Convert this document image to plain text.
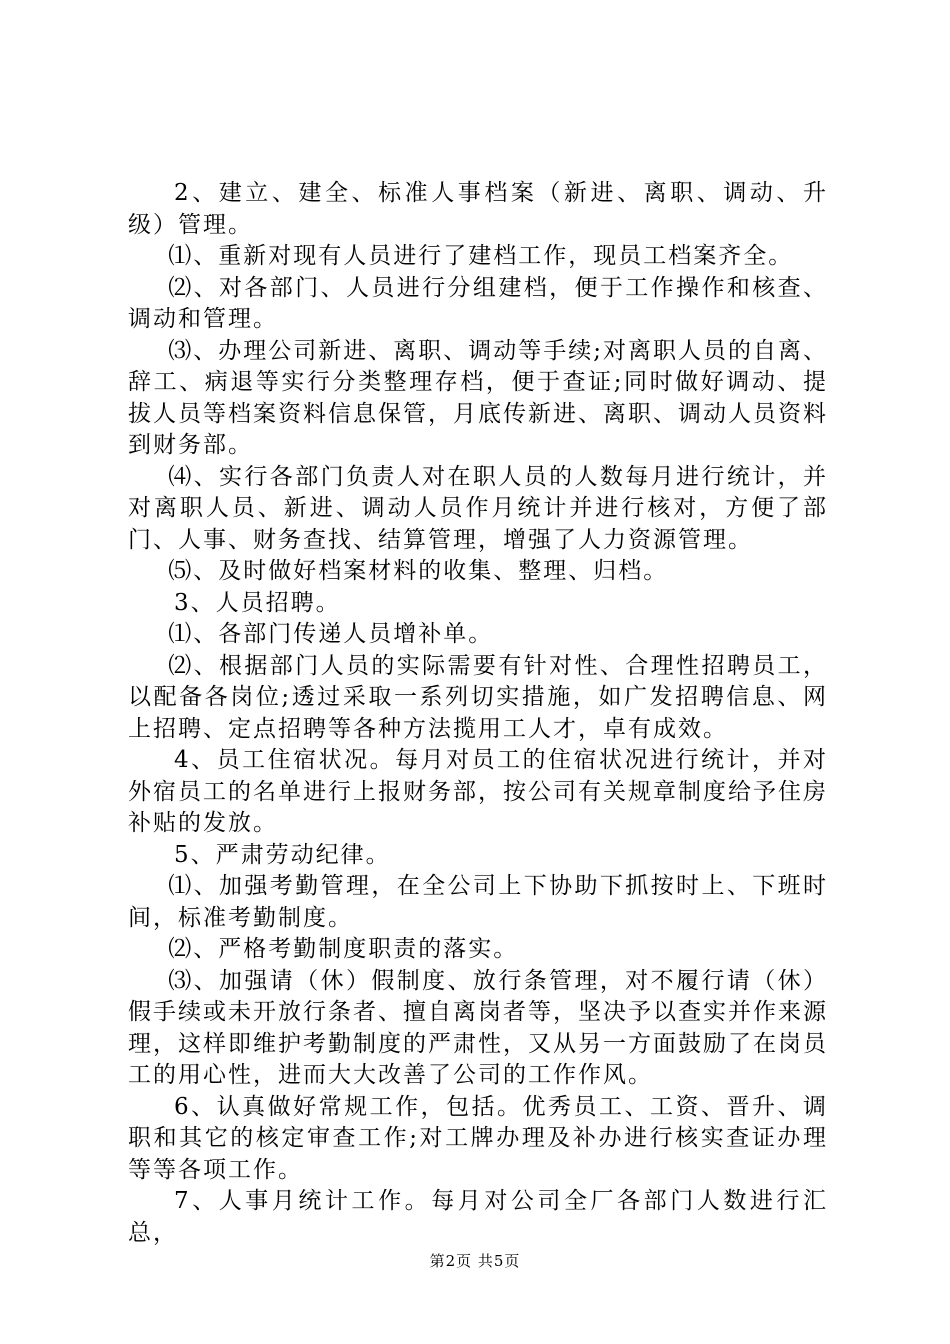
2、建立、建全、标准人事档案（新进、离职、调动、升级）管理。

⑴、重新对现有人员进行了建档工作，现员工档案齐全。

⑵、对各部门、人员进行分组建档，便于工作操作和核查、调动和管理。

⑶、办理公司新进、离职、调动等手续;对离职人员的自离、辞工、病退等实行分类整理存档，便于查证;同时做好调动、提拔人员等档案资料信息保管，月底传新进、离职、调动人员资料到财务部。

⑷、实行各部门负责人对在职人员的人数每月进行统计，并对离职人员、新进、调动人员作月统计并进行核对，方便了部门、人事、财务查找、结算管理，增强了人力资源管理。

⑸、及时做好档案材料的收集、整理、归档。

3、人员招聘。

⑴、各部门传递人员增补单。

⑵、根据部门人员的实际需要有针对性、合理性招聘员工，以配备各岗位;透过采取一系列切实措施，如广发招聘信息、网上招聘、定点招聘等各种方法揽用工人才，卓有成效。

4、员工住宿状况。每月对员工的住宿状况进行统计，并对外宿员工的名单进行上报财务部，按公司有关规章制度给予住房补贴的发放。

5、严肃劳动纪律。

⑴、加强考勤管理，在全公司上下协助下抓按时上、下班时间，标准考勤制度。

⑵、严格考勤制度职责的落实。

⑶、加强请（休）假制度、放行条管理，对不履行请（休）假手续或未开放行条者、擅自离岗者等，坚决予以查实并作来源理，这样即维护考勤制度的严肃性，又从另一方面鼓励了在岗员工的用心性，进而大大改善了公司的工作作风。

6、认真做好常规工作，包括。优秀员工、工资、晋升、调职和其它的核定审查工作;对工牌办理及补办进行核实查证办理等等各项工作。

7、人事月统计工作。每月对公司全厂各部门人数进行汇总，

第2页 共5页
